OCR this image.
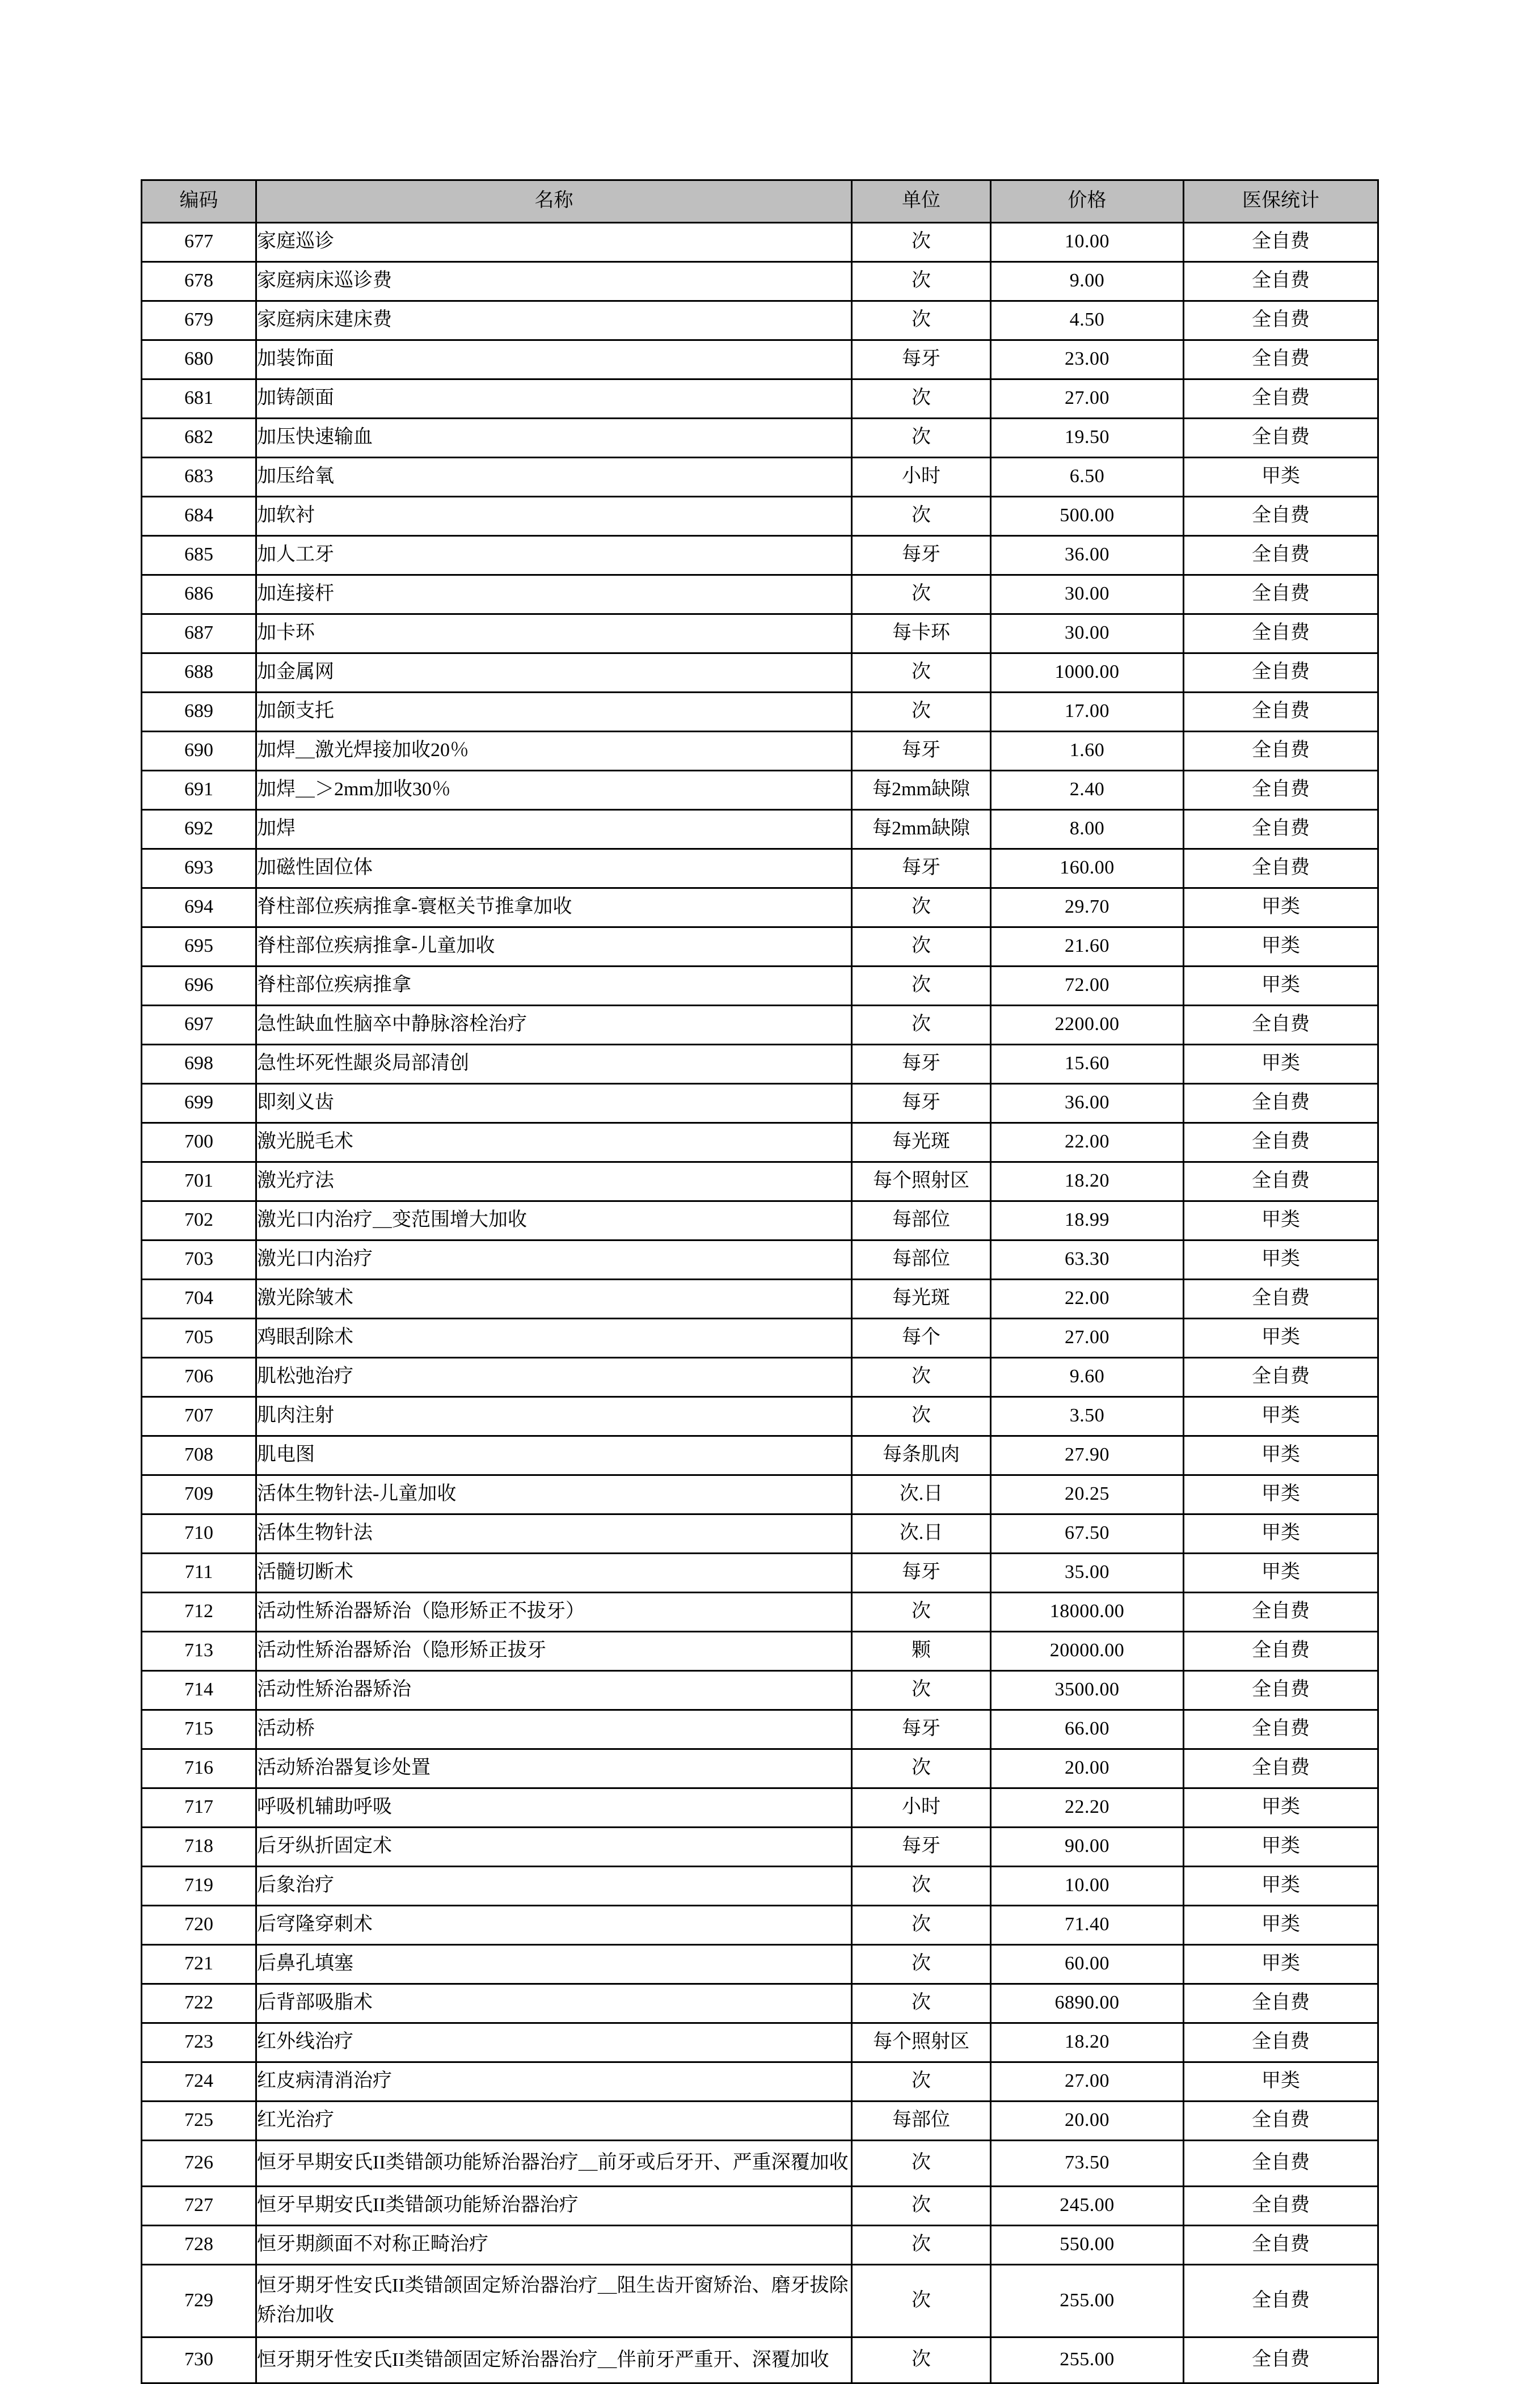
编码	名称	单位	价格	医保统计
677	家庭巡诊	次	10.00	全自费
678	家庭病床巡诊费	次	9.00	全自费
679	家庭病床建床费	次	4.50	全自费
680	加装饰面	每牙	23.00	全自费
681	加铸颌面	次	27.00	全自费
682	加压快速输血	次	19.50	全自费
683	加压给氧	小时	6.50	甲类
684	加软衬	次	500.00	全自费
685	加人工牙	每牙	36.00	全自费
686	加连接杆	次	30.00	全自费
687	加卡环	每卡环	30.00	全自费
688	加金属网	次	1000.00	全自费
689	加颌支托	次	17.00	全自费
690	加焊＿激光焊接加收20％	每牙	1.60	全自费
691	加焊＿＞2mm加收30％	每2mm缺隙	2.40	全自费
692	加焊	每2mm缺隙	8.00	全自费
693	加磁性固位体	每牙	160.00	全自费
694	脊柱部位疾病推拿-寰枢关节推拿加收	次	29.70	甲类
695	脊柱部位疾病推拿-儿童加收	次	21.60	甲类
696	脊柱部位疾病推拿	次	72.00	甲类
697	急性缺血性脑卒中静脉溶栓治疗	次	2200.00	全自费
698	急性坏死性龈炎局部清创	每牙	15.60	甲类
699	即刻义齿	每牙	36.00	全自费
700	激光脱毛术	每光斑	22.00	全自费
701	激光疗法	每个照射区	18.20	全自费
702	激光口内治疗＿变范围增大加收	每部位	18.99	甲类
703	激光口内治疗	每部位	63.30	甲类
704	激光除皱术	每光斑	22.00	全自费
705	鸡眼刮除术	每个	27.00	甲类
706	肌松弛治疗	次	9.60	全自费
707	肌肉注射	次	3.50	甲类
708	肌电图	每条肌肉	27.90	甲类
709	活体生物针法-儿童加收	次.日	20.25	甲类
710	活体生物针法	次.日	67.50	甲类
711	活髓切断术	每牙	35.00	甲类
712	活动性矫治器矫治（隐形矫正不拔牙）	次	18000.00	全自费
713	活动性矫治器矫治（隐形矫正拔牙	颗	20000.00	全自费
714	活动性矫治器矫治	次	3500.00	全自费
715	活动桥	每牙	66.00	全自费
716	活动矫治器复诊处置	次	20.00	全自费
717	呼吸机辅助呼吸	小时	22.20	甲类
718	后牙纵折固定术	每牙	90.00	甲类
719	后象治疗	次	10.00	甲类
720	后穹隆穿刺术	次	71.40	甲类
721	后鼻孔填塞	次	60.00	甲类
722	后背部吸脂术	次	6890.00	全自费
723	红外线治疗	每个照射区	18.20	全自费
724	红皮病清消治疗	次	27.00	甲类
725	红光治疗	每部位	20.00	全自费
726	恒牙早期安氏II类错颌功能矫治器治疗＿前牙或后牙开、严重深覆加收	次	73.50	全自费
727	恒牙早期安氏II类错颌功能矫治器治疗	次	245.00	全自费
728	恒牙期颜面不对称正畸治疗	次	550.00	全自费
729	恒牙期牙性安氏II类错颌固定矫治器治疗＿阻生齿开窗矫治、磨牙拔除矫治加收	次	255.00	全自费
730	恒牙期牙性安氏II类错颌固定矫治器治疗＿伴前牙严重开、深覆加收	次	255.00	全自费
